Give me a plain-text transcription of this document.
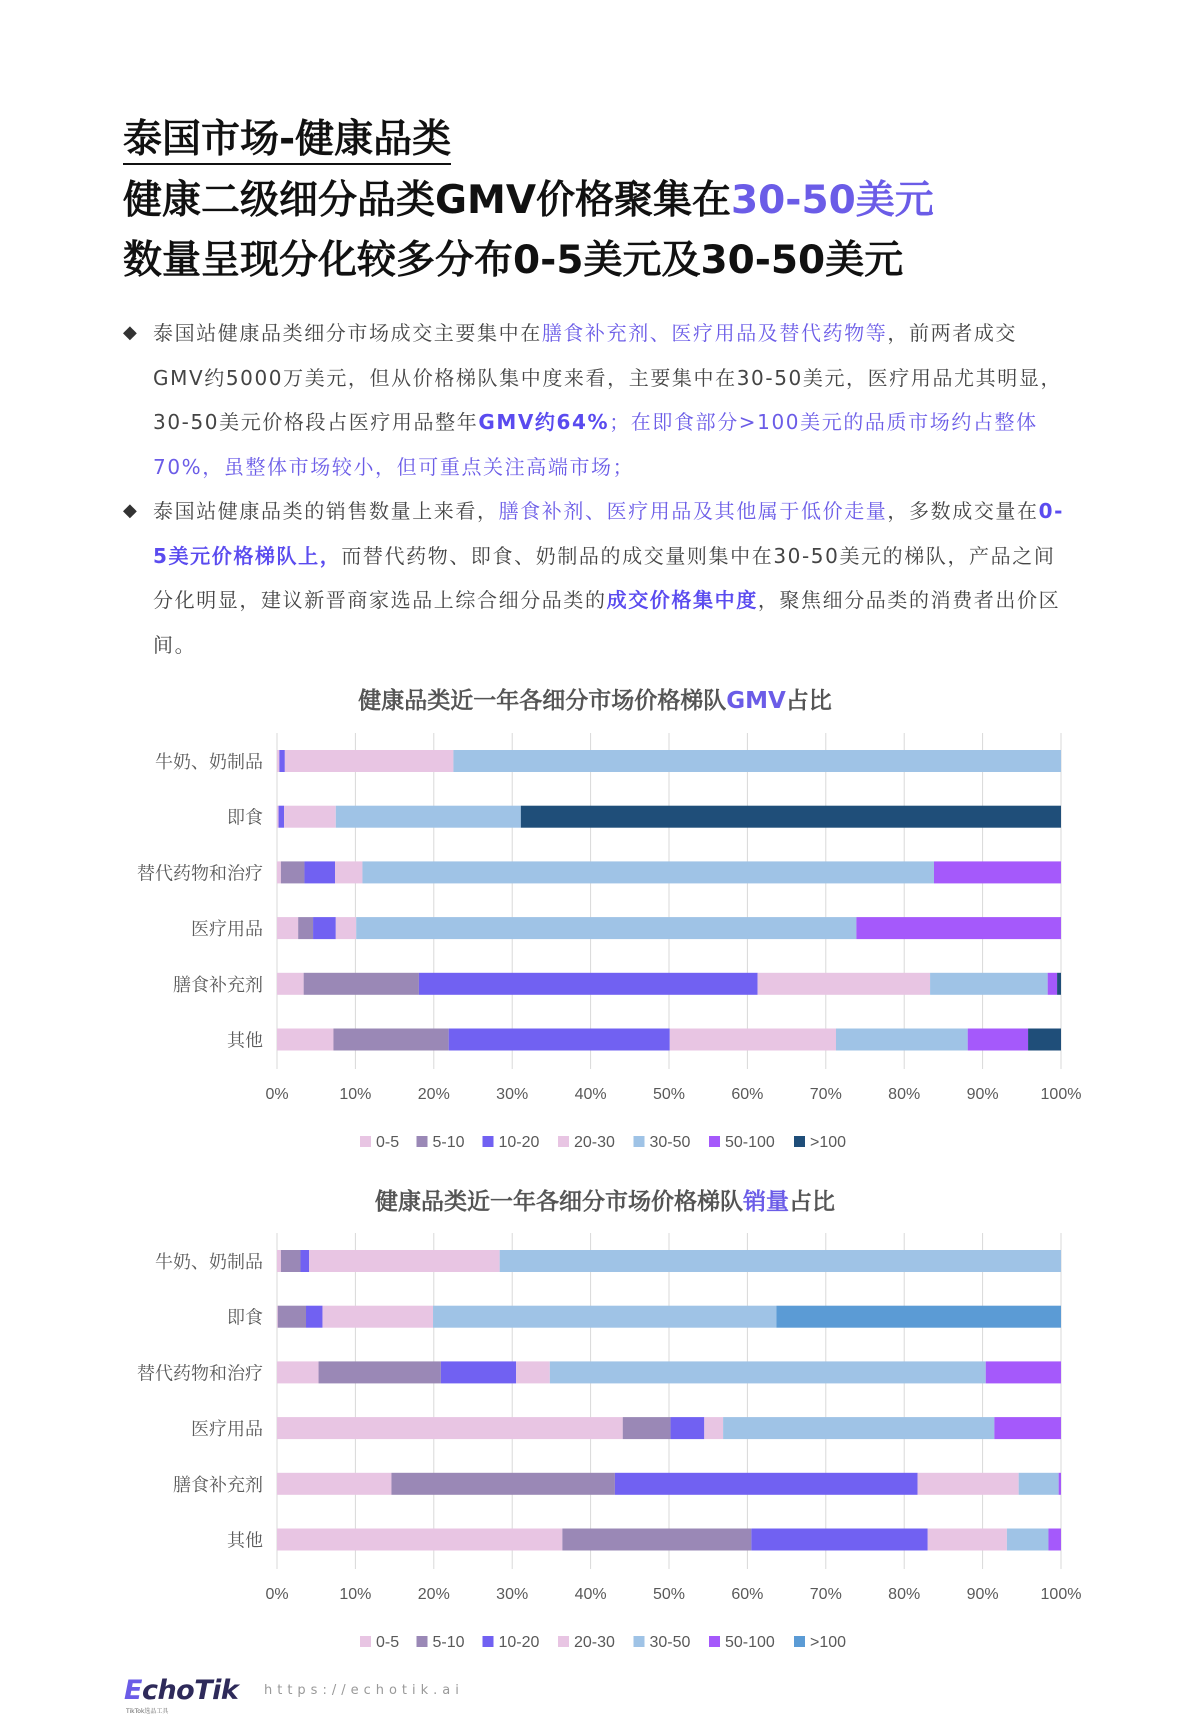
泰国市场-健康品类
健康二级细分品类GMV价格聚集在30-50美元
数量呈现分化较多分布0-5美元及30-50美元
◆ 泰国站健康品类细分市场成交主要集中在膳食补充剂、医疗用品及替代药物等，前两者成交GMV约5000万美元，但从价格梯队集中度来看，主要集中在30-50美元，医疗用品尤其明显，30-50美元价格段占医疗用品整年GMV约64%；在即食部分>100美元的品质市场约占整体70%，虽整体市场较小，但可重点关注高端市场；
◆ 泰国站健康品类的销售数量上来看，膳食补剂、医疗用品及其他属于低价走量，多数成交量在0-5美元价格梯队上，而替代药物、即食、奶制品的成交量则集中在30-50美元的梯队，产品之间分化明显，建议新晋商家选品上综合细分品类的成交价格集中度，聚焦细分品类的消费者出价区间。
健康品类近一年各细分市场价格梯队GMV占比
0%	10%	20%	30%	40%	50%	60%	70%	80%	90%	100%
牛奶、奶制品
即食
替代药物和治疗
医疗用品
膳食补充剂
其他
0-5 5-10 10-20 20-30 30-50 50-100 >100
健康品类近一年各细分市场价格梯队销量占比
0%	10%	20%	30%	40%	50%	60%	70%	80%	90%	100%
牛奶、奶制品
即食
替代药物和治疗
医疗用品
膳食补充剂
其他
0-5 5-10 10-20 20-30 30-50 50-100 >100
EchoTik
TikTok选品工具
https://echotik.ai
